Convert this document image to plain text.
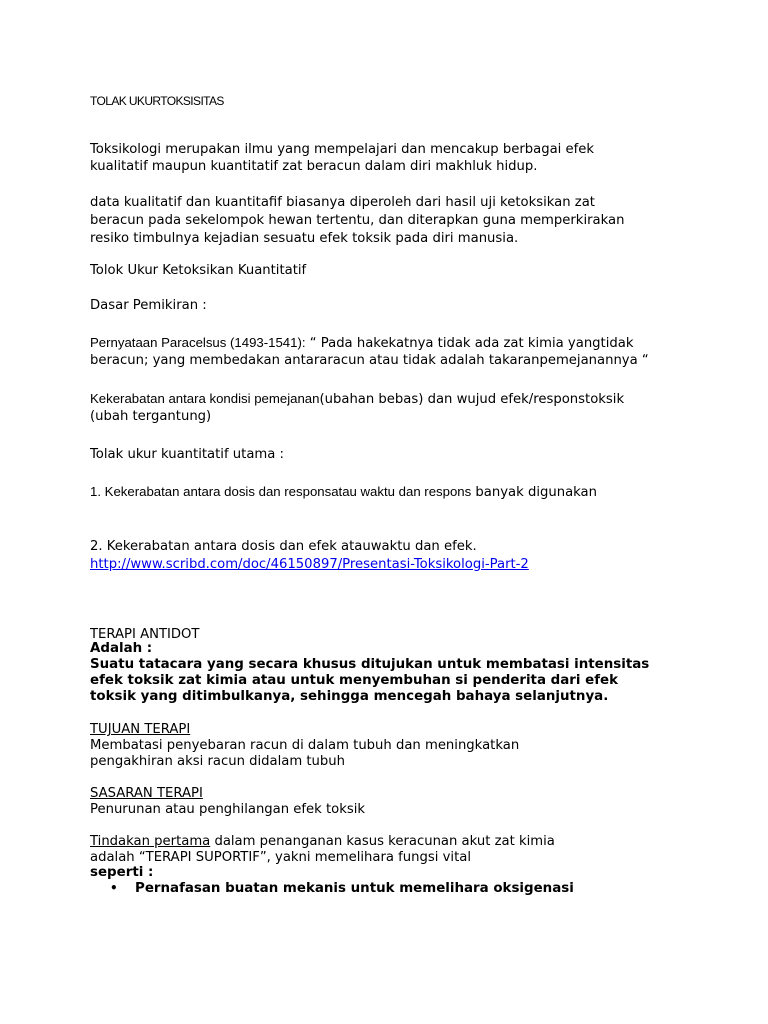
TOLAK UKURTOKSISITAS

Toksikologi merupakan ilmu yang mempelajari dan mencakup berbagai efek

kualitatif maupun kuantitatif zat beracun dalam diri makhluk hidup.

data kualitatif dan kuantitafif biasanya diperoleh dari hasil uji ketoksikan zat

beracun pada sekelompok hewan tertentu, dan diterapkan guna memperkirakan

resiko timbulnya kejadian sesuatu efek toksik pada diri manusia.

Tolok Ukur Ketoksikan Kuantitatif

Dasar Pemikiran :

Pernyataan Paracelsus (1493-1541): “ Pada hakekatnya tidak ada zat kimia yangtidak

beracun; yang membedakan antararacun atau tidak adalah takaranpemejanannya “

Kekerabatan antara kondisi pemejanan(ubahan bebas) dan wujud efek/responstoksik

(ubah tergantung)

Tolak ukur kuantitatif utama :

1. Kekerabatan antara dosis dan responsatau waktu dan respons banyak digunakan

2. Kekerabatan antara dosis dan efek atauwaktu dan efek.

http://www.scribd.com/doc/46150897/Presentasi-Toksikologi-Part-2

TERAPI ANTIDOT

Adalah :

Suatu tatacara yang secara khusus ditujukan untuk membatasi intensitas

efek toksik zat kimia atau untuk menyembuhan si penderita dari efek

toksik yang ditimbulkanya, sehingga mencegah bahaya selanjutnya.

TUJUAN TERAPI

Membatasi penyebaran racun di dalam tubuh dan meningkatkan

pengakhiran aksi racun didalam tubuh

SASARAN TERAPI

Penurunan atau penghilangan efek toksik

Tindakan pertama dalam penanganan kasus keracunan akut zat kimia

adalah “TERAPI SUPORTIF”, yakni memelihara fungsi vital

seperti :

• Pernafasan buatan mekanis untuk memelihara oksigenasi
